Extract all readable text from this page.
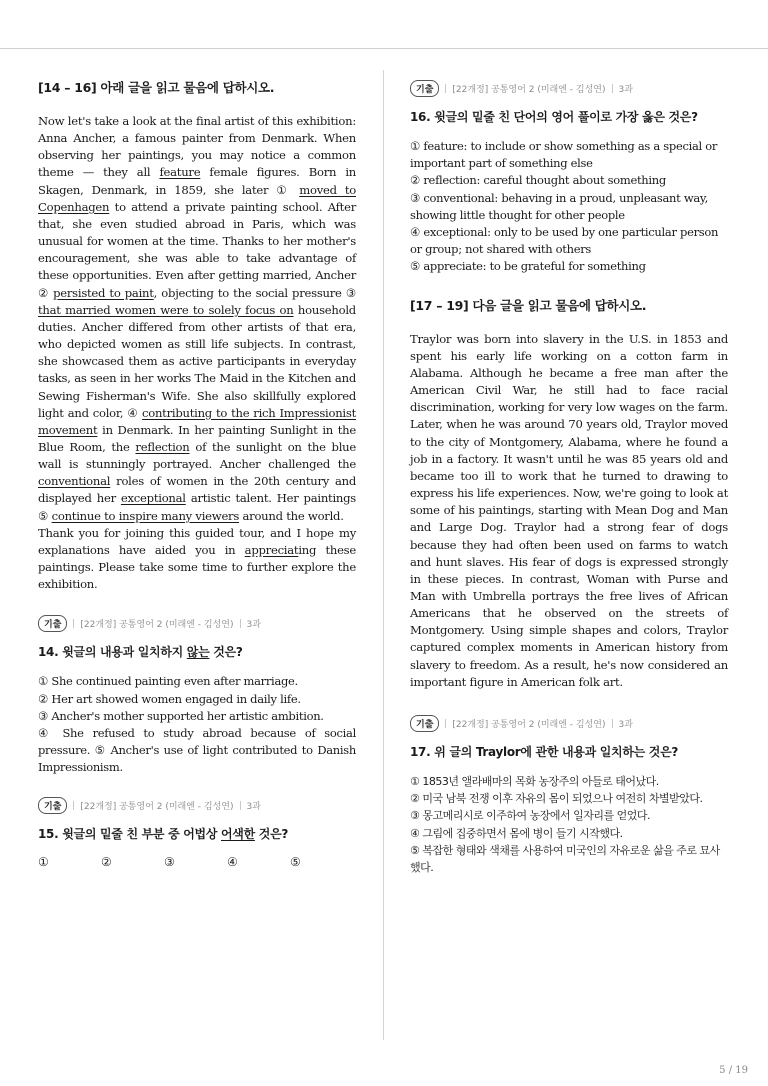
[14 – 16] 아래 글을 읽고 물음에 답하시오.

Now let's take a look at the final artist of this exhibition: Anna Ancher, a famous painter from Denmark. When observing her paintings, you may notice a common theme — they all feature female figures. Born in Skagen, Denmark, in 1859, she later ① moved to Copenhagen to attend a private painting school. After that, she even studied abroad in Paris, which was unusual for women at the time. Thanks to her mother's encouragement, she was able to take advantage of these opportunities. Even after getting married, Ancher ② persisted to paint, objecting to the social pressure ③ that married women were to solely focus on household duties. Ancher differed from other artists of that era, who depicted women as still life subjects. In contrast, she showcased them as active participants in everyday tasks, as seen in her works The Maid in the Kitchen and Sewing Fisherman's Wife. She also skillfully explored light and color, ④ contributing to the rich Impressionist movement in Denmark. In her painting Sunlight in the Blue Room, the reflection of the sunlight on the blue wall is stunningly portrayed. Ancher challenged the conventional roles of women in the 20th century and displayed her exceptional artistic talent. Her paintings ⑤ continue to inspire many viewers around the world.

Thank you for joining this guided tour, and I hope my explanations have aided you in appreciating these paintings. Please take some time to further explore the exhibition.

기출	[22개정] 공통영어 2 (미래엔 - 김성연) 3과
14. 윗글의 내용과 일치하지 않는 것은?
① She continued painting even after marriage.
② Her art showed women engaged in daily life.
③ Ancher's mother supported her artistic ambition.
④ She refused to study abroad because of social pressure. ⑤ Ancher's use of light contributed to Danish Impressionism.
기출	[22개정] 공통영어 2 (미래엔 - 김성연) 3과
15. 윗글의 밑줄 친 부분 중 어법상 어색한 것은?
①	②	③	④	⑤
기출	[22개정] 공통영어 2 (미래엔 - 김성연) 3과
16. 윗글의 밑줄 친 단어의 영어 풀이로 가장 옳은 것은?
① feature: to include or show something as a special or important part of something else
② reflection: careful thought about something
③ conventional: behaving in a proud, unpleasant way, showing little thought for other people
④ exceptional: only to be used by one particular person or group; not shared with others
⑤ appreciate: to be grateful for something
[17 – 19] 다음 글을 읽고 물음에 답하시오.
Traylor was born into slavery in the U.S. in 1853 and spent his early life working on a cotton farm in Alabama. Although he became a free man after the American Civil War, he still had to face racial discrimination, working for very low wages on the farm. Later, when he was around 70 years old, Traylor moved to the city of Montgomery, Alabama, where he found a job in a factory. It wasn't until he was 85 years old and became too ill to work that he turned to drawing to express his life experiences. Now, we're going to look at some of his paintings, starting with Mean Dog and Man and Large Dog. Traylor had a strong fear of dogs because they had often been used on farms to watch and hunt slaves. His fear of dogs is expressed strongly in these pieces. In contrast, Woman with Purse and Man with Umbrella portrays the free lives of African Americans that he observed on the streets of Montgomery. Using simple shapes and colors, Traylor captured complex moments in American history from slavery to freedom. As a result, he's now considered an important figure in American folk art.
기출	[22개정] 공통영어 2 (미래엔 - 김성연) 3과
17. 위 글의 Traylor에 관한 내용과 일치하는 것은?
① 1853년 앨라배마의 목화 농장주의 아들로 태어났다.
② 미국 남북 전쟁 이후 자유의 몸이 되었으나 여전히 차별받았다.
③ 몽고메리시로 이주하여 농장에서 일자리를 얻었다.
④ 그림에 집중하면서 몸에 병이 들기 시작했다.
⑤ 복잡한 형태와 색채를 사용하여 미국인의 자유로운 삶을 주로 묘사했다.
5 / 19
